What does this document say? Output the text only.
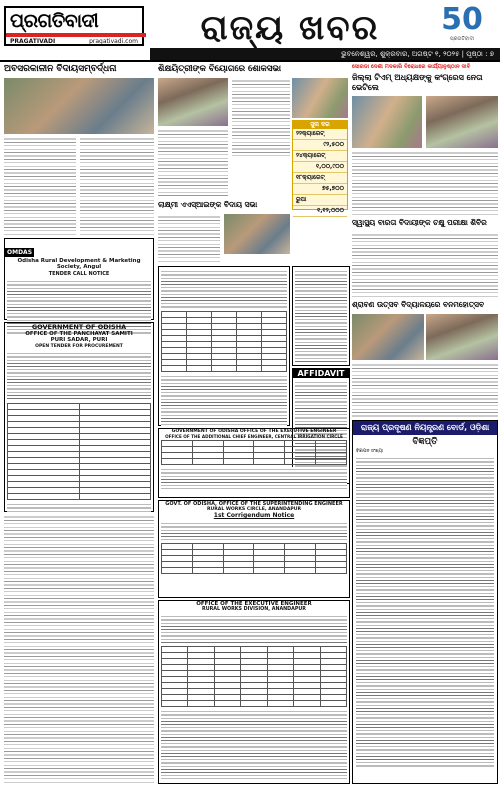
ପ୍ରଗତିବାଦୀ
PRAGATIVADI	pragativadi.com	ରାଜ୍ୟ ଖବର	50
ପ୍ରଗତିବାଦୀ
ଭୁବନେଶ୍ୱର, ଶୁକ୍ରବାର, ଅଗଷ୍ଟ ୧, ୨୦୨୫ | ପୃଷ୍ଠା : ୭
ଅବସରକାଳୀନ ବିଦାୟସମ୍ବର୍ଦ୍ଧନା	ଶିକ୍ଷୟିତ୍ରୀଙ୍କ ବିୟୋଗରେ ଶୋକସଭା
ସୁନା ଦର
୨୨କ୍ୟାରେଟ୍
୯୨,୫୦୦
୨୪କ୍ୟାରେଟ୍
୧,୦୦,୯୦୦
୧୮କ୍ୟାରେଟ୍
୭୫,୭୦୦
ରୁପା
୧,୧୨,୦୦୦
ଲାକ୍ଷ୍ମୀ ଏଏସ୍‌ଆଇଙ୍କ ବିଦାୟ ସଭା
ସୋରଡା ଦେଶୀ ମଦକାରି ବିରୋଧରେ କାର୍ଯ୍ୟାନୁଷ୍ଠାନ ଦାବି
ଜିଲ୍ଲା ଟିଏମ୍ ଅଧ୍ୟକ୍ଷଙ୍କୁ କଂଗ୍ରେସ ନେତା ଭେଟିଲେ
ସ୍ୱାସ୍ଥ୍ୟ ବାରତା ବିଦାୟୀଙ୍କ ଚକ୍ଷୁ ପରୀକ୍ଷା ଶିବିର
ଶ୍ରାବଣ ଉତ୍ସବ ବିଦ୍ୟାଳୟରେ ବନମହୋତ୍ସବ
OMDAS
Odisha Rural Development & Marketing Society, Angul
TENDER CALL NOTICE
GOVERNMENT OF ODISHA
OFFICE OF THE PANCHAYAT SAMITI
PURI SADAR, PURI
OPEN TENDER FOR PROCUREMENT

AFFIDAVIT
GOVERNMENT OF ODISHA OFFICE OF THE EXECUTIVE ENGINEER
OFFICE OF THE ADDITIONAL CHIEF ENGINEER, CENTRAL IRRIGATION CIRCLE

GOVT. OF ODISHA, OFFICE OF THE SUPERINTENDING ENGINEER
RURAL WORKS CIRCLE, ANANDAPUR
1st Corrigendum Notice

OFFICE OF THE EXECUTIVE ENGINEER
RURAL WORKS DIVISION, ANANDAPUR

ରାଜ୍ୟ ପ୍ରଦୂଷଣ ନିୟନ୍ତ୍ରଣ ବୋର୍ଡ, ଓଡ଼ିଶା
ବିଜ୍ଞପ୍ତି
ବିଜ୍ଞାପନ ସଂଖ୍ୟା
